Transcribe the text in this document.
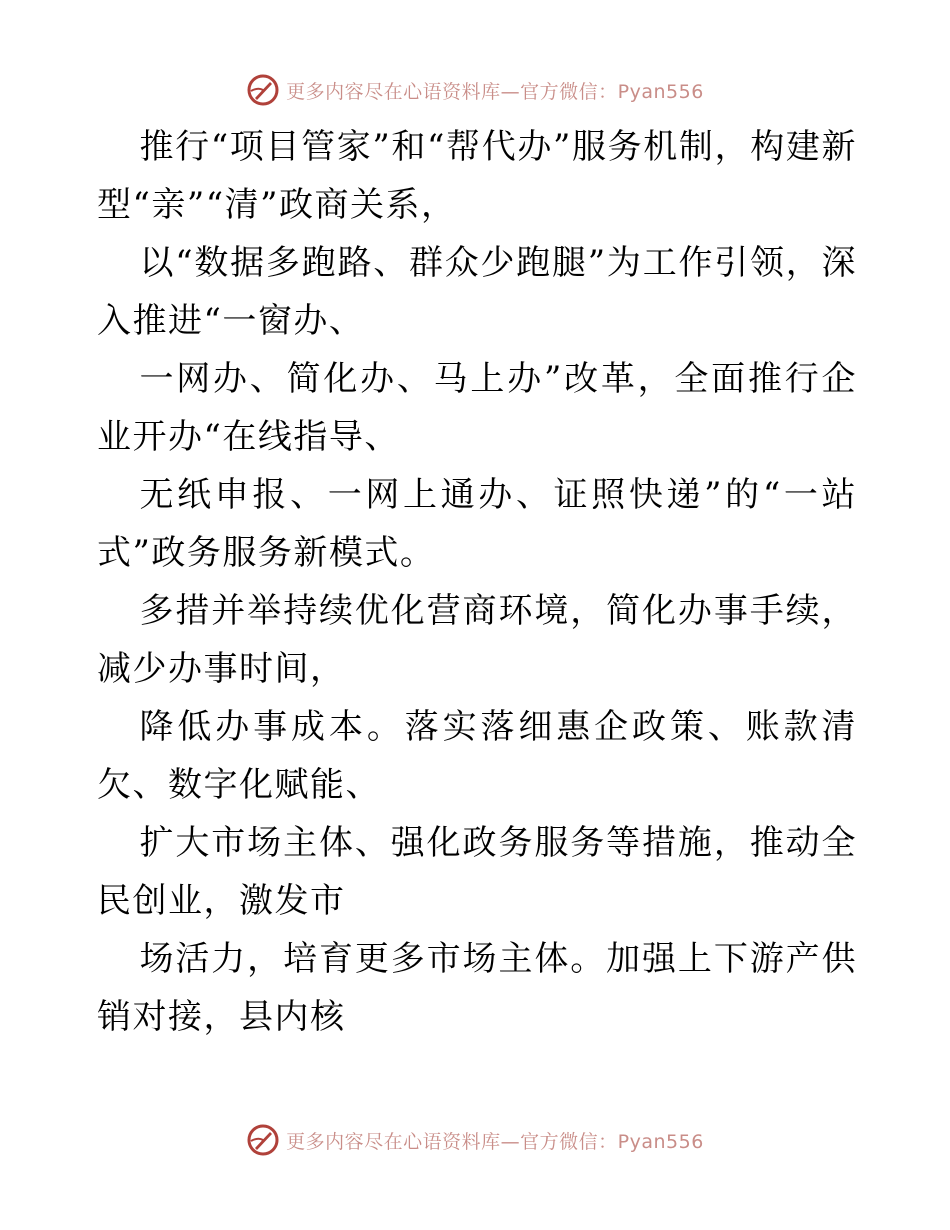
更多内容尽在心语资料库—官方微信：Pyan556

推行“项目管家”和“帮代办”服务机制，构建新型“亲”“清”政商关系，

以“数据多跑路、群众少跑腿”为工作引领，深入推进“一窗办、

一网办、简化办、马上办”改革，全面推行企业开办“在线指导、

无纸申报、一网上通办、证照快递”的“一站式”政务服务新模式。

多措并举持续优化营商环境，简化办事手续，减少办事时间，

降低办事成本。落实落细惠企政策、账款清欠、数字化赋能、

扩大市场主体、强化政务服务等措施，推动全民创业，激发市

场活力，培育更多市场主体。加强上下游产供销对接，县内核

更多内容尽在心语资料库—官方微信：Pyan556
